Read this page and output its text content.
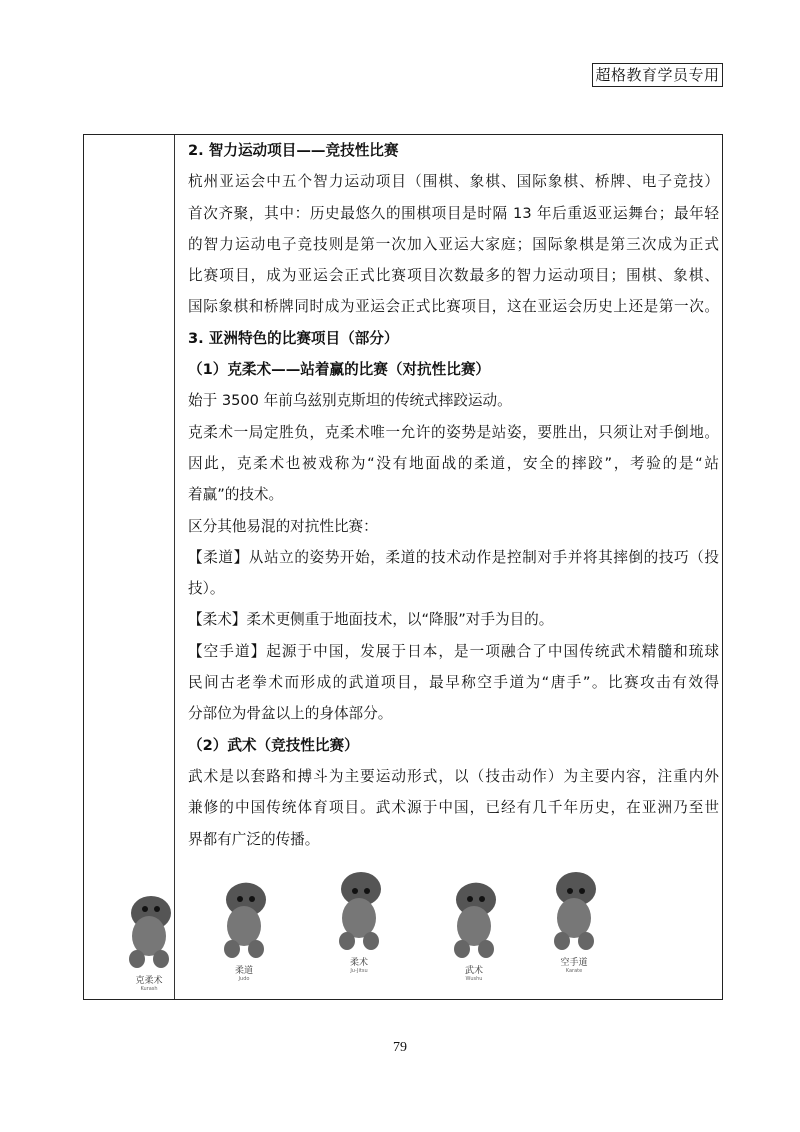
超格教育学员专用
2. 智力运动项目——竞技性比赛
杭州亚运会中五个智力运动项目（围棋、象棋、国际象棋、桥牌、电子竞技）
首次齐聚，其中：历史最悠久的围棋项目是时隔 13 年后重返亚运舞台；最年轻
的智力运动电子竞技则是第一次加入亚运大家庭；国际象棋是第三次成为正式
比赛项目，成为亚运会正式比赛项目次数最多的智力运动项目；围棋、象棋、
国际象棋和桥牌同时成为亚运会正式比赛项目，这在亚运会历史上还是第一次。
3. 亚洲特色的比赛项目（部分）
（1）克柔术——站着赢的比赛（对抗性比赛）
始于 3500 年前乌兹别克斯坦的传统式摔跤运动。
克柔术一局定胜负，克柔术唯一允许的姿势是站姿，要胜出，只须让对手倒地。
因此，克柔术也被戏称为“没有地面战的柔道，安全的摔跤”，考验的是“站
着赢”的技术。
区分其他易混的对抗性比赛：
【柔道】从站立的姿势开始，柔道的技术动作是控制对手并将其摔倒的技巧（投
技）。
【柔术】柔术更侧重于地面技术，以“降服”对手为目的。
【空手道】起源于中国，发展于日本，是一项融合了中国传统武术精髓和琉球
民间古老拳术而形成的武道项目，最早称空手道为“唐手”。比赛攻击有效得
分部位为骨盆以上的身体部分。
（2）武术（竞技性比赛）
武术是以套路和搏斗为主要运动形式，以（技击动作）为主要内容，注重内外
兼修的中国传统体育项目。武术源于中国，已经有几千年历史，在亚洲乃至世
界都有广泛的传播。
克柔术
Kurash
柔道
Judo
柔术
Ju-Jitsu	武术
Wushu
空手道
Karate
79
